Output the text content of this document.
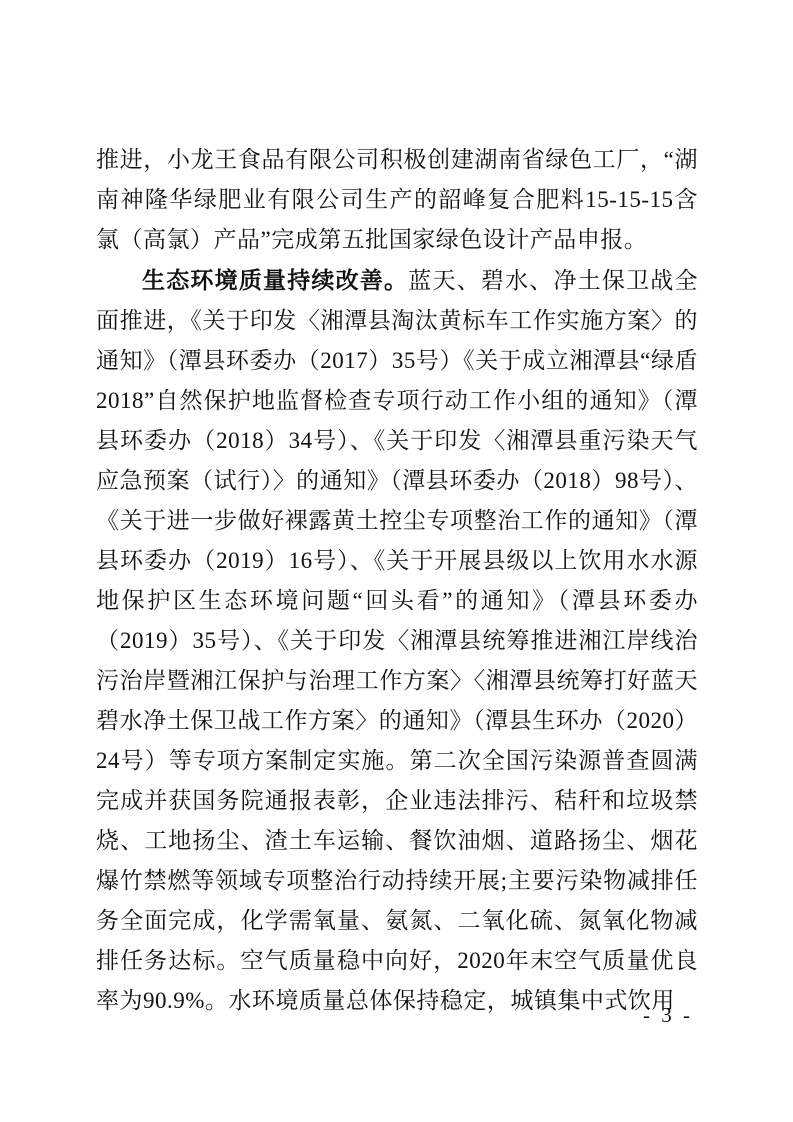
推进，小龙王食品有限公司积极创建湖南省绿色工厂，“湖南神隆华绿肥业有限公司生产的韶峰复合肥料15-15-15含氯（高氯）产品”完成第五批国家绿色设计产品申报。

生态环境质量持续改善。蓝天、碧水、净土保卫战全面推进，《关于印发〈湘潭县淘汰黄标车工作实施方案〉的通知》（潭县环委办（2017）35号）《关于成立湘潭县“绿盾2018”自然保护地监督检查专项行动工作小组的通知》（潭县环委办（2018）34号）、《关于印发〈湘潭县重污染天气应急预案（试行）〉的通知》（潭县环委办（2018）98号）、《关于进一步做好裸露黄土控尘专项整治工作的通知》（潭县环委办（2019）16号）、《关于开展县级以上饮用水水源地保护区生态环境问题“回头看”的通知》（潭县环委办（2019）35号）、《关于印发〈湘潭县统筹推进湘江岸线治污治岸暨湘江保护与治理工作方案〉〈湘潭县统筹打好蓝天碧水净土保卫战工作方案〉的通知》（潭县生环办（2020）24号）等专项方案制定实施。第二次全国污染源普查圆满完成并获国务院通报表彰，企业违法排污、秸秆和垃圾禁烧、工地扬尘、渣土车运输、餐饮油烟、道路扬尘、烟花爆竹禁燃等领域专项整治行动持续开展;主要污染物减排任务全面完成，化学需氧量、氨氮、二氧化硫、氮氧化物减排任务达标。空气质量稳中向好，2020年末空气质量优良率为90.9%。水环境质量总体保持稳定，城镇集中式饮用

- 3 -
